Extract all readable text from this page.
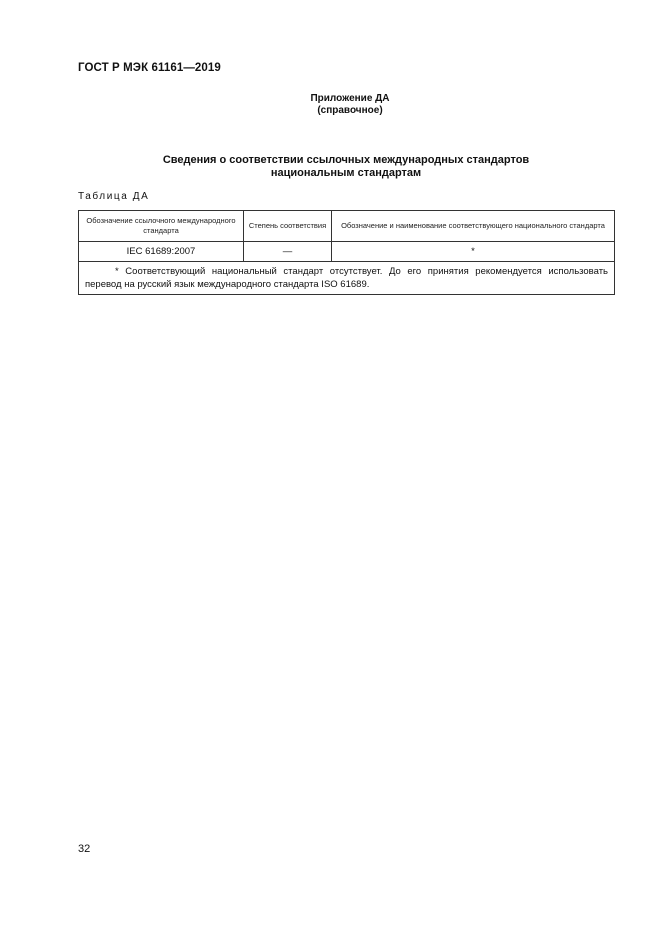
ГОСТ Р МЭК 61161—2019
Приложение ДА
(справочное)
Сведения о соответствии ссылочных международных стандартов
национальным стандартам
Таблица ДА
Обозначение ссылочного международного стандарта	Степень соответствия	Обозначение и наименование соответствующего национального стандарта
IEC 61689:2007	—	*
* Соответствующий национальный стандарт отсутствует. До его принятия рекомендуется использовать перевод на русский язык международного стандарта ISO 61689.		
32
